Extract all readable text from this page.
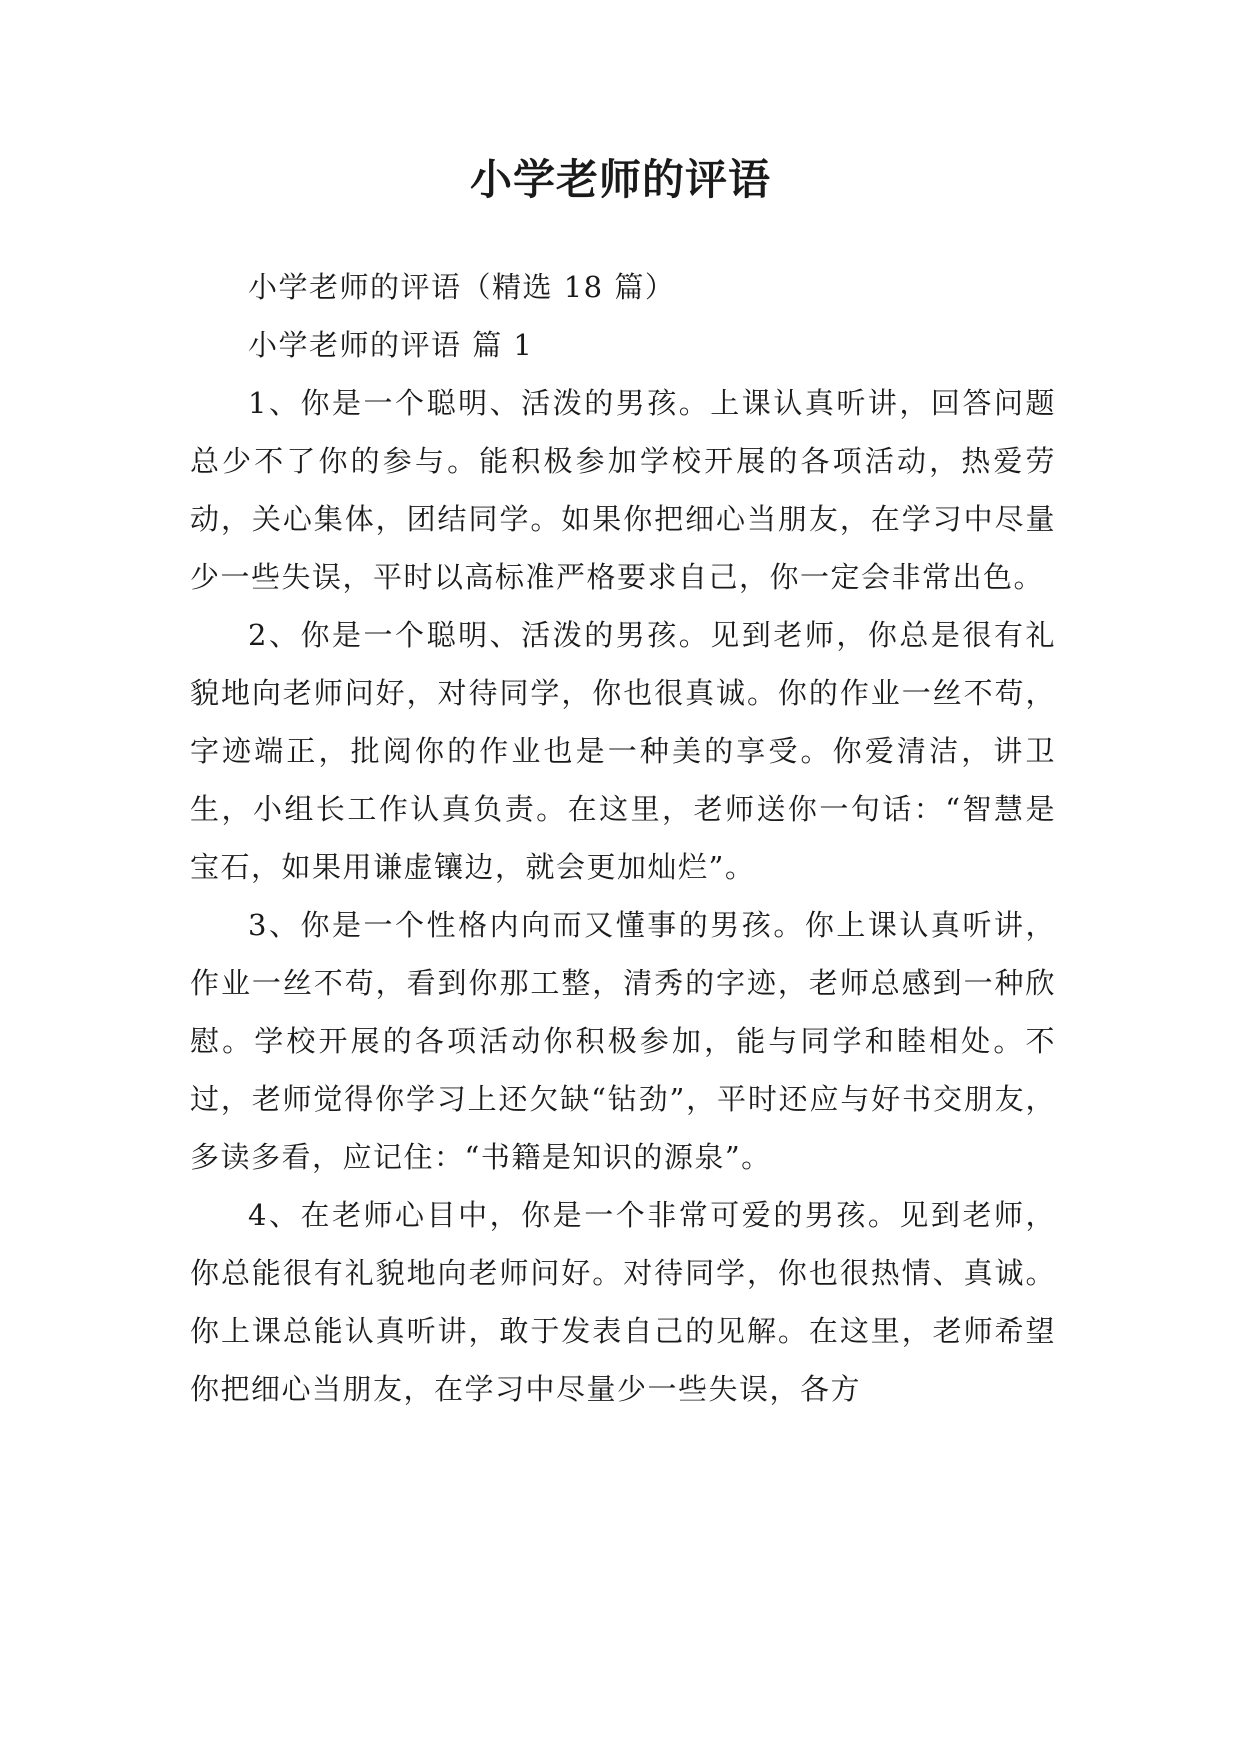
小学老师的评语

小学老师的评语（精选 18 篇）

小学老师的评语 篇 1

1、你是一个聪明、活泼的男孩。上课认真听讲，回答问题总少不了你的参与。能积极参加学校开展的各项活动，热爱劳动，关心集体，团结同学。如果你把细心当朋友，在学习中尽量少一些失误，平时以高标准严格要求自己，你一定会非常出色。

2、你是一个聪明、活泼的男孩。见到老师，你总是很有礼貌地向老师问好，对待同学，你也很真诚。你的作业一丝不苟，字迹端正，批阅你的作业也是一种美的享受。你爱清洁，讲卫生，小组长工作认真负责。在这里，老师送你一句话：“智慧是宝石，如果用谦虚镶边，就会更加灿烂”。

3、你是一个性格内向而又懂事的男孩。你上课认真听讲，作业一丝不苟，看到你那工整，清秀的字迹，老师总感到一种欣慰。学校开展的各项活动你积极参加，能与同学和睦相处。不过，老师觉得你学习上还欠缺“钻劲”，平时还应与好书交朋友，多读多看，应记住：“书籍是知识的源泉”。

4、在老师心目中，你是一个非常可爱的男孩。见到老师，你总能很有礼貌地向老师问好。对待同学，你也很热情、真诚。你上课总能认真听讲，敢于发表自己的见解。在这里，老师希望你把细心当朋友，在学习中尽量少一些失误，各方
